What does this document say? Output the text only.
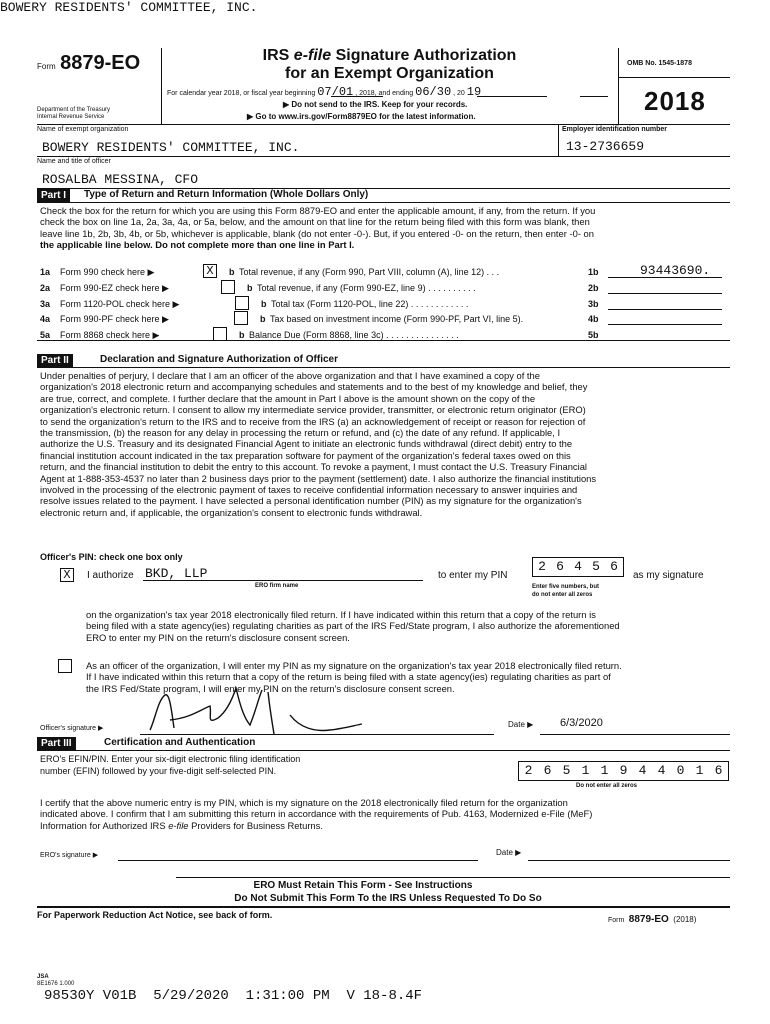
Form 8879-EO
Department of the Treasury
Internal Revenue Service
IRS e-file Signature Authorization
for an Exempt Organization
For calendar year 2018, or fiscal year beginning 07/01 , 2018, and ending 06/30 , 20 19
▶ Do not send to the IRS. Keep for your records.
▶ Go to www.irs.gov/Form8879EO for the latest information.
OMB No. 1545-1878
2018
Name of exempt organization
BOWERY RESIDENTS' COMMITTEE, INC.
BOWERY RESIDENTS' COMMITTEE, INC.
Employer identification number
13-2736659
Name and title of officer
ROSALBA MESSINA, CFO
Part I	Type of Return and Return Information (Whole Dollars Only)
Check the box for the return for which you are using this Form 8879-EO and enter the applicable amount, if any, from the return. If you
check the box on line 1a, 2a, 3a, 4a, or 5a, below, and the amount on that line for the return being filed with this form was blank, then
leave line 1b, 2b, 3b, 4b, or 5b, whichever is applicable, blank (do not enter -0-). But, if you entered -0- on the return, then enter -0- on
the applicable line below. Do not complete more than one line in Part I.
1a Form 990 check here ▶	X	b Total revenue, if any (Form 990, Part VIII, column (A), line 12) . . .	1b	93443690.
2a Form 990-EZ check here ▶	b Total revenue, if any (Form 990-EZ, line 9) . . . . . . . . . .	2b
3a Form 1120-POL check here ▶	b Total tax (Form 1120-POL, line 22) . . . . . . . . . . . .	3b
4a Form 990-PF check here ▶	b Tax based on investment income (Form 990-PF, Part VI, line 5).	4b
5a Form 8868 check here ▶	b Balance Due (Form 8868, line 3c) . . . . . . . . . . . . . . .	5b
Part II	Declaration and Signature Authorization of Officer
Under penalties of perjury, I declare that I am an officer of the above organization and that I have examined a copy of the
organization's 2018 electronic return and accompanying schedules and statements and to the best of my knowledge and belief, they
are true, correct, and complete. I further declare that the amount in Part I above is the amount shown on the copy of the
organization's electronic return. I consent to allow my intermediate service provider, transmitter, or electronic return originator (ERO)
to send the organization's return to the IRS and to receive from the IRS (a) an acknowledgement of receipt or reason for rejection of
the transmission, (b) the reason for any delay in processing the return or refund, and (c) the date of any refund. If applicable, I
authorize the U.S. Treasury and its designated Financial Agent to initiate an electronic funds withdrawal (direct debit) entry to the
financial institution account indicated in the tax preparation software for payment of the organization's federal taxes owed on this
return, and the financial institution to debit the entry to this account. To revoke a payment, I must contact the U.S. Treasury Financial
Agent at 1-888-353-4537 no later than 2 business days prior to the payment (settlement) date. I also authorize the financial institutions
involved in the processing of the electronic payment of taxes to receive confidential information necessary to answer inquiries and
resolve issues related to the payment. I have selected a personal identification number (PIN) as my signature for the organization's
electronic return and, if applicable, the organization's consent to electronic funds withdrawal.
Officer's PIN: check one box only
X	I authorize BKD, LLP
ERO firm name
to enter my PIN
2 6 4 5 6
as my signature
Enter five numbers, but
do not enter all zeros
on the organization's tax year 2018 electronically filed return. If I have indicated within this return that a copy of the return is
being filed with a state agency(ies) regulating charities as part of the IRS Fed/State program, I also authorize the aforementioned
ERO to enter my PIN on the return's disclosure consent screen.
As an officer of the organization, I will enter my PIN as my signature on the organization's tax year 2018 electronically filed return.
If I have indicated within this return that a copy of the return is being filed with a state agency(ies) regulating charities as part of
the IRS Fed/State program, I will enter my PIN on the return's disclosure consent screen.
Officer's signature ▶	Date ▶ 6/3/2020
Part III	Certification and Authentication
ERO's EFIN/PIN. Enter your six-digit electronic filing identification
number (EFIN) followed by your five-digit self-selected PIN.	2 6 5 1 1 9 4 4 0 1 6
Do not enter all zeros
I certify that the above numeric entry is my PIN, which is my signature on the 2018 electronically filed return for the organization
indicated above. I confirm that I am submitting this return in accordance with the requirements of Pub. 4163, Modernized e-File (MeF)
Information for Authorized IRS e-file Providers for Business Returns.
ERO's signature ▶	Date ▶
ERO Must Retain This Form - See Instructions
Do Not Submit This Form To the IRS Unless Requested To Do So
For Paperwork Reduction Act Notice, see back of form.
Form 8879-EO (2018)
JSA
8E1676 1.000
98530Y V01B  5/29/2020  1:31:00 PM  V 18-8.4F
